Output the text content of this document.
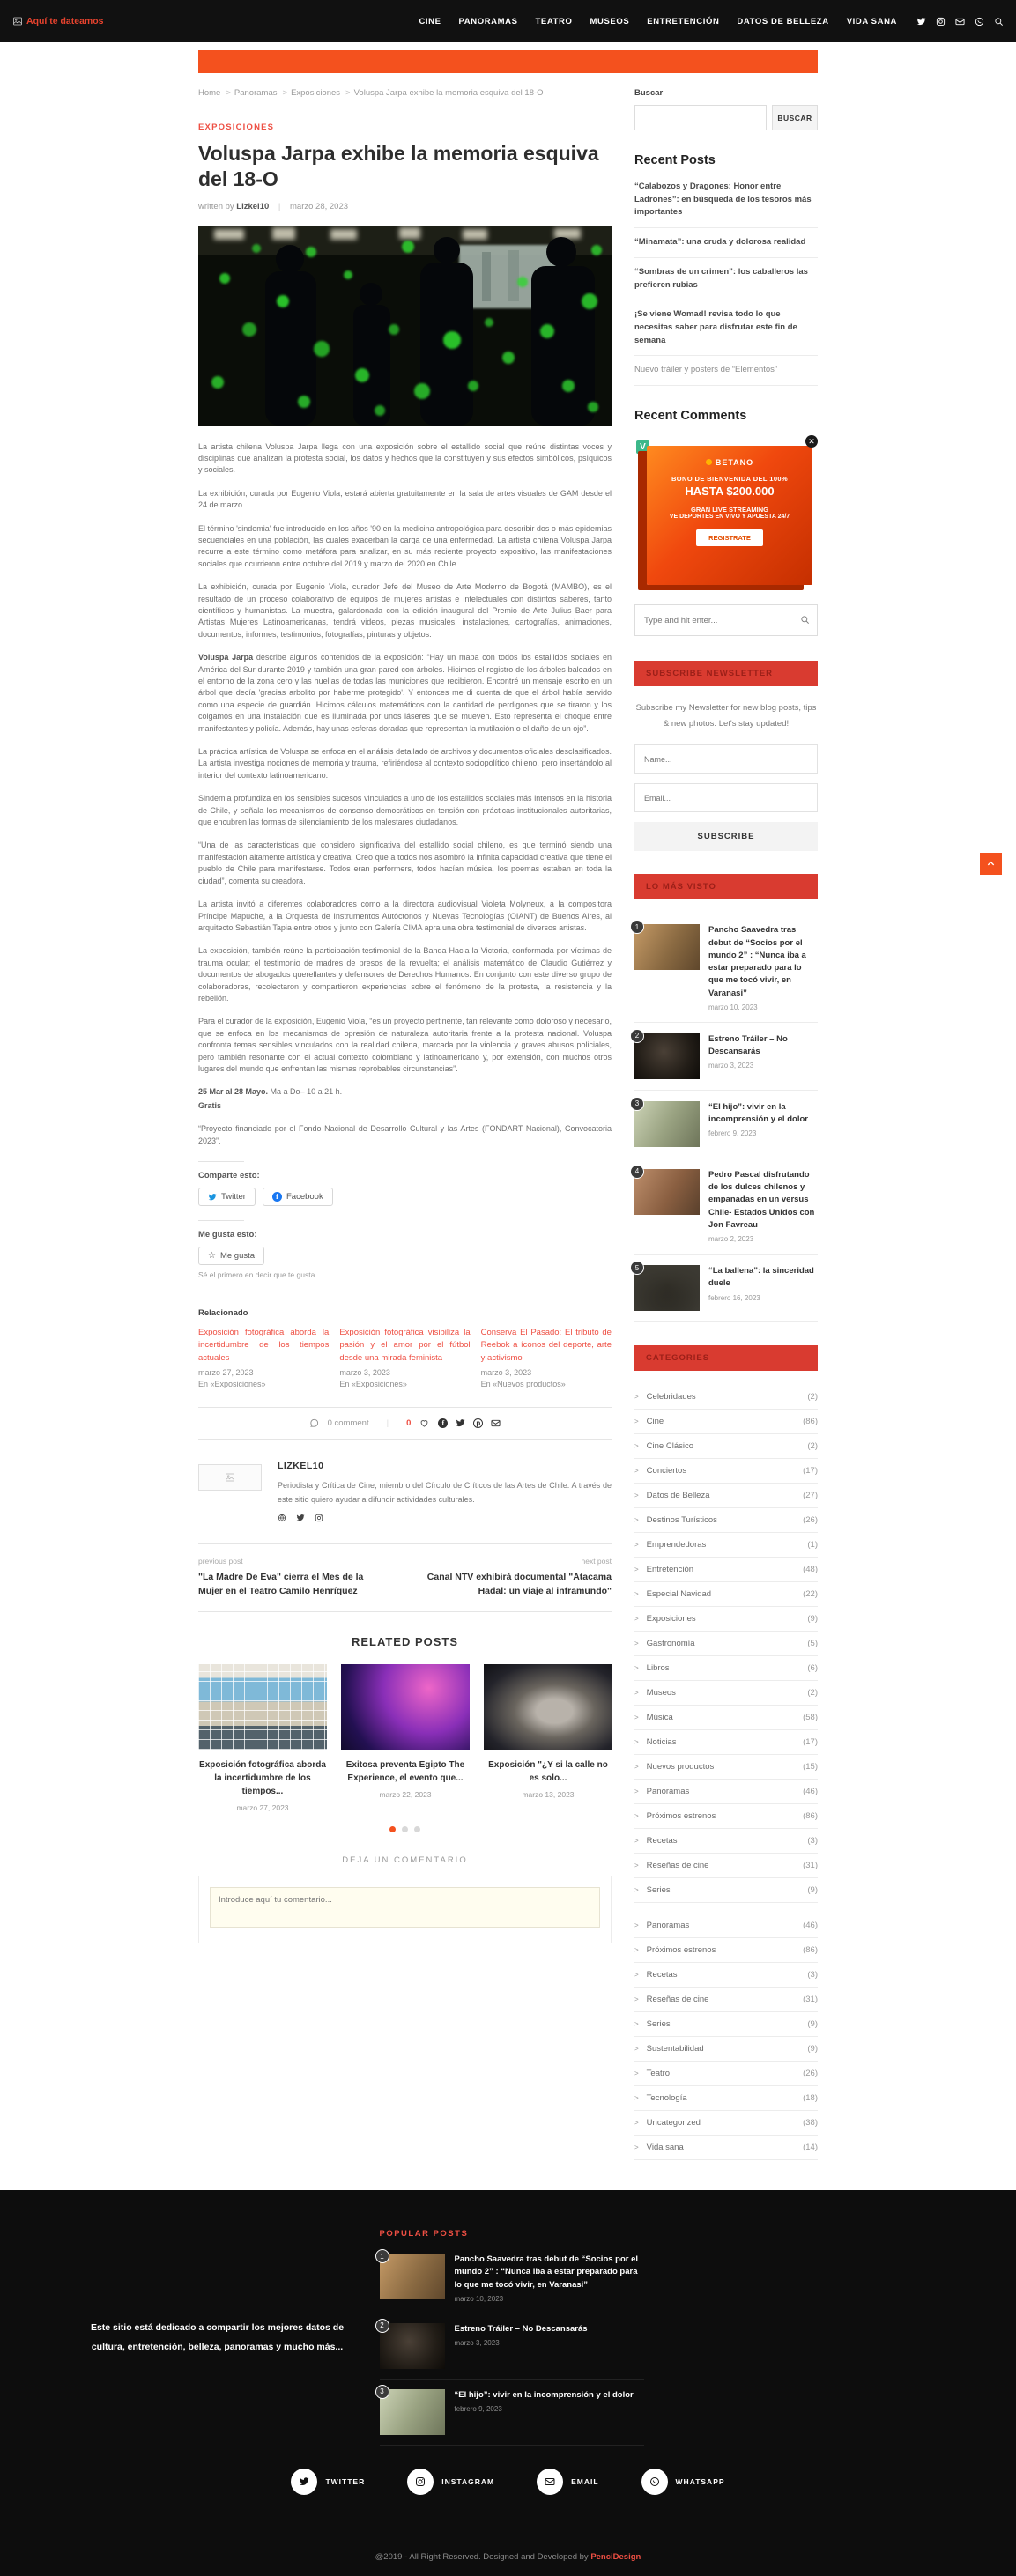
Aquí te dateamos	CINE PANORAMAS TEATRO MUSEOS ENTRETENCIÓN DATOS DE BELLEZA VIDA SANA
Home >	Panoramas >	Exposiciones >	Voluspa Jarpa exhibe la memoria esquiva del 18-O
EXPOSICIONES
Voluspa Jarpa exhibe la memoria esquiva del 18-O
written by Lizkel10 | marzo 28, 2023

La artista chilena Voluspa Jarpa llega con una exposición sobre el estallido social que reúne distintas voces y disciplinas que analizan la protesta social, los datos y hechos que la constituyen y sus efectos simbólicos, psíquicos y sociales.

La exhibición, curada por Eugenio Viola, estará abierta gratuitamente en la sala de artes visuales de GAM desde el 24 de marzo.

El término 'sindemia' fue introducido en los años '90 en la medicina antropológica para describir dos o más epidemias secuenciales en una población, las cuales exacerban la carga de una enfermedad. La artista chilena Voluspa Jarpa recurre a este término como metáfora para analizar, en su más reciente proyecto expositivo, las manifestaciones sociales que ocurrieron entre octubre del 2019 y marzo del 2020 en Chile.

La exhibición, curada por Eugenio Viola, curador Jefe del Museo de Arte Moderno de Bogotá (MAMBO), es el resultado de un proceso colaborativo de equipos de mujeres artistas e intelectuales con distintos saberes, tanto científicos y humanistas. La muestra, galardonada con la edición inaugural del Premio de Arte Julius Baer para Artistas Mujeres Latinoamericanas, tendrá videos, piezas musicales, instalaciones, cartografías, animaciones, documentos, informes, testimonios, fotografías, pinturas y objetos.

Voluspa Jarpa describe algunos contenidos de la exposición: “Hay un mapa con todos los estallidos sociales en América del Sur durante 2019 y también una gran pared con árboles. Hicimos el registro de los árboles baleados en el entorno de la zona cero y las huellas de todas las municiones que recibieron. Encontré un mensaje escrito en un árbol que decía 'gracias arbolito por haberme protegido'. Y entonces me di cuenta de que el árbol había servido como una especie de guardián. Hicimos cálculos matemáticos con la cantidad de perdigones que se tiraron y los colgamos en una instalación que es iluminada por unos láseres que se mueven. Esto representa el choque entre manifestantes y policía. Además, hay unas esferas doradas que representan la mutilación o el daño de un ojo”.

La práctica artística de Voluspa se enfoca en el análisis detallado de archivos y documentos oficiales desclasificados. La artista investiga nociones de memoria y trauma, refiriéndose al contexto sociopolítico chileno, pero insertándolo al interior del contexto latinoamericano.

Sindemia profundiza en los sensibles sucesos vinculados a uno de los estallidos sociales más intensos en la historia de Chile, y señala los mecanismos de consenso democráticos en tensión con prácticas institucionales autoritarias, que encubren las formas de silenciamiento de los malestares ciudadanos.

“Una de las características que considero significativa del estallido social chileno, es que terminó siendo una manifestación altamente artística y creativa. Creo que a todos nos asombró la infinita capacidad creativa que tiene el pueblo de Chile para manifestarse. Todos eran performers, todos hacían música, los poemas estaban en toda la ciudad”, comenta su creadora.

La artista invitó a diferentes colaboradores como a la directora audiovisual Violeta Molyneux, a la compositora Príncipe Mapuche, a la Orquesta de Instrumentos Autóctonos y Nuevas Tecnologías (OIANT) de Buenos Aires, al arquitecto Sebastián Tapia entre otros y junto con Galería CIMA apra una obra testimonial de diversos artistas.

La exposición, también reúne la participación testimonial de la Banda Hacia la Victoria, conformada por víctimas de trauma ocular; el testimonio de madres de presos de la revuelta; el análisis matemático de Claudio Gutiérrez y documentos de abogados querellantes y defensores de Derechos Humanos. En conjunto con este diverso grupo de colaboradores, recolectaron y compartieron experiencias sobre el fenómeno de la protesta, la resistencia y la rebelión.

Para el curador de la exposición, Eugenio Viola, “es un proyecto pertinente, tan relevante como doloroso y necesario, que se enfoca en los mecanismos de opresión de naturaleza autoritaria frente a la protesta nacional. Voluspa confronta temas sensibles vinculados con la realidad chilena, marcada por la violencia y graves abusos policiales, pero también resonante con el actual contexto colombiano y latinoamericano y, por extensión, con muchos otros lugares del mundo que enfrentan las mismas reprobables circunstancias”.

25 Mar al 28 Mayo. Ma a Do– 10 a 21 h.

Gratis

“Proyecto financiado por el Fondo Nacional de Desarrollo Cultural y las Artes (FONDART Nacional), Convocatoria 2023”.

Comparte esto:
Twitter	f Facebook
Me gusta esto:
☆ Me gusta
Sé el primero en decir que te gusta.
Relacionado
Exposición fotográfica aborda la incertidumbre de los tiempos actuales
marzo 27, 2023
En «Exposiciones»
Exposición fotográfica visibiliza la pasión y el amor por el fútbol desde una mirada feminista
marzo 3, 2023
En «Exposiciones»
Conserva El Pasado: El tributo de Reebok a íconos del deporte, arte y activismo
marzo 3, 2023
En «Nuevos productos»
0 comment | 0	f	p
LIZKEL10
Periodista y Crítica de Cine, miembro del Círculo de Críticos de las Artes de Chile. A través de este sitio quiero ayudar a difundir actividades culturales.
previous post
"La Madre De Eva" cierra el Mes de la Mujer en el Teatro Camilo Henríquez
next post
Canal NTV exhibirá documental "Atacama Hadal: un viaje al inframundo"
RELATED POSTS
Exposición fotográfica aborda la incertidumbre de los tiempos...
marzo 27, 2023
Exitosa preventa Egipto The Experience, el evento que...
marzo 22, 2023
Exposición "¿Y si la calle no es solo...
marzo 13, 2023
DEJA UN COMENTARIO
Introduce aquí tu comentario...
Buscar
BUSCAR
Recent Posts
“Calabozos y Dragones: Honor entre Ladrones”: en búsqueda de los tesoros más importantes
“Minamata”: una cruda y dolorosa realidad
“Sombras de un crimen”: los caballeros las prefieren rubias
¡Se viene Womad! revisa todo lo que necesitas saber para disfrutar este fin de semana
Nuevo tráiler y posters de “Elementos”
Recent Comments
V
✕
BETANO
BONO DE BIENVENIDA DEL 100%
HASTA $200.000
GRAN LIVE STREAMING
VE DEPORTES EN VIVO Y APUESTA 24/7
REGISTRATE
Type and hit enter...
SUBSCRIBE NEWSLETTER
Subscribe my Newsletter for new blog posts, tips & new photos. Let's stay updated!
Name... Email... SUBSCRIBE
LO MÁS VISTO
1	Pancho Saavedra tras debut de “Socios por el mundo 2” : “Nunca iba a estar preparado para lo que me tocó vivir, en Varanasi”
marzo 10, 2023
2	Estreno Tráiler – No Descansarás
marzo 3, 2023
3	“El hijo”: vivir en la incomprensión y el dolor
febrero 9, 2023
4	Pedro Pascal disfrutando de los dulces chilenos y empanadas en un versus Chile- Estados Unidos con Jon Favreau
marzo 2, 2023
5	“La ballena”: la sinceridad duele
febrero 16, 2023
CATEGORIES
> Celebridades	(2)
> Cine	(86)
> Cine Clásico	(2)
> Conciertos	(17)
> Datos de Belleza	(27)
> Destinos Turísticos	(26)
> Emprendedoras	(1)
> Entretención	(48)
> Especial Navidad	(22)
> Exposiciones	(9)
> Gastronomía	(5)
> Libros	(6)
> Museos	(2)
> Música	(58)
> Noticias	(17)
> Nuevos productos	(15)
> Panoramas	(46)
> Próximos estrenos	(86)
> Recetas	(3)
> Reseñas de cine	(31)
> Series	(9)
> Panoramas	(46)
> Próximos estrenos	(86)
> Recetas	(3)
> Reseñas de cine	(31)
> Series	(9)
> Sustentabilidad	(9)
> Teatro	(26)
> Tecnología	(18)
> Uncategorized	(38)
> Vida sana	(14)

Este sitio está dedicado a compartir los mejores datos de cultura, entretención, belleza, panoramas y mucho más...

POPULAR POSTS
1	Pancho Saavedra tras debut de “Socios por el mundo 2” : “Nunca iba a estar preparado para lo que me tocó vivir, en Varanasi”
marzo 10, 2023
2	Estreno Tráiler – No Descansarás
marzo 3, 2023
3	“El hijo”: vivir en la incomprensión y el dolor
febrero 9, 2023
TWITTER	INSTAGRAM	EMAIL	WHATSAPP
@2019 - All Right Reserved. Designed and Developed by PenciDesign
